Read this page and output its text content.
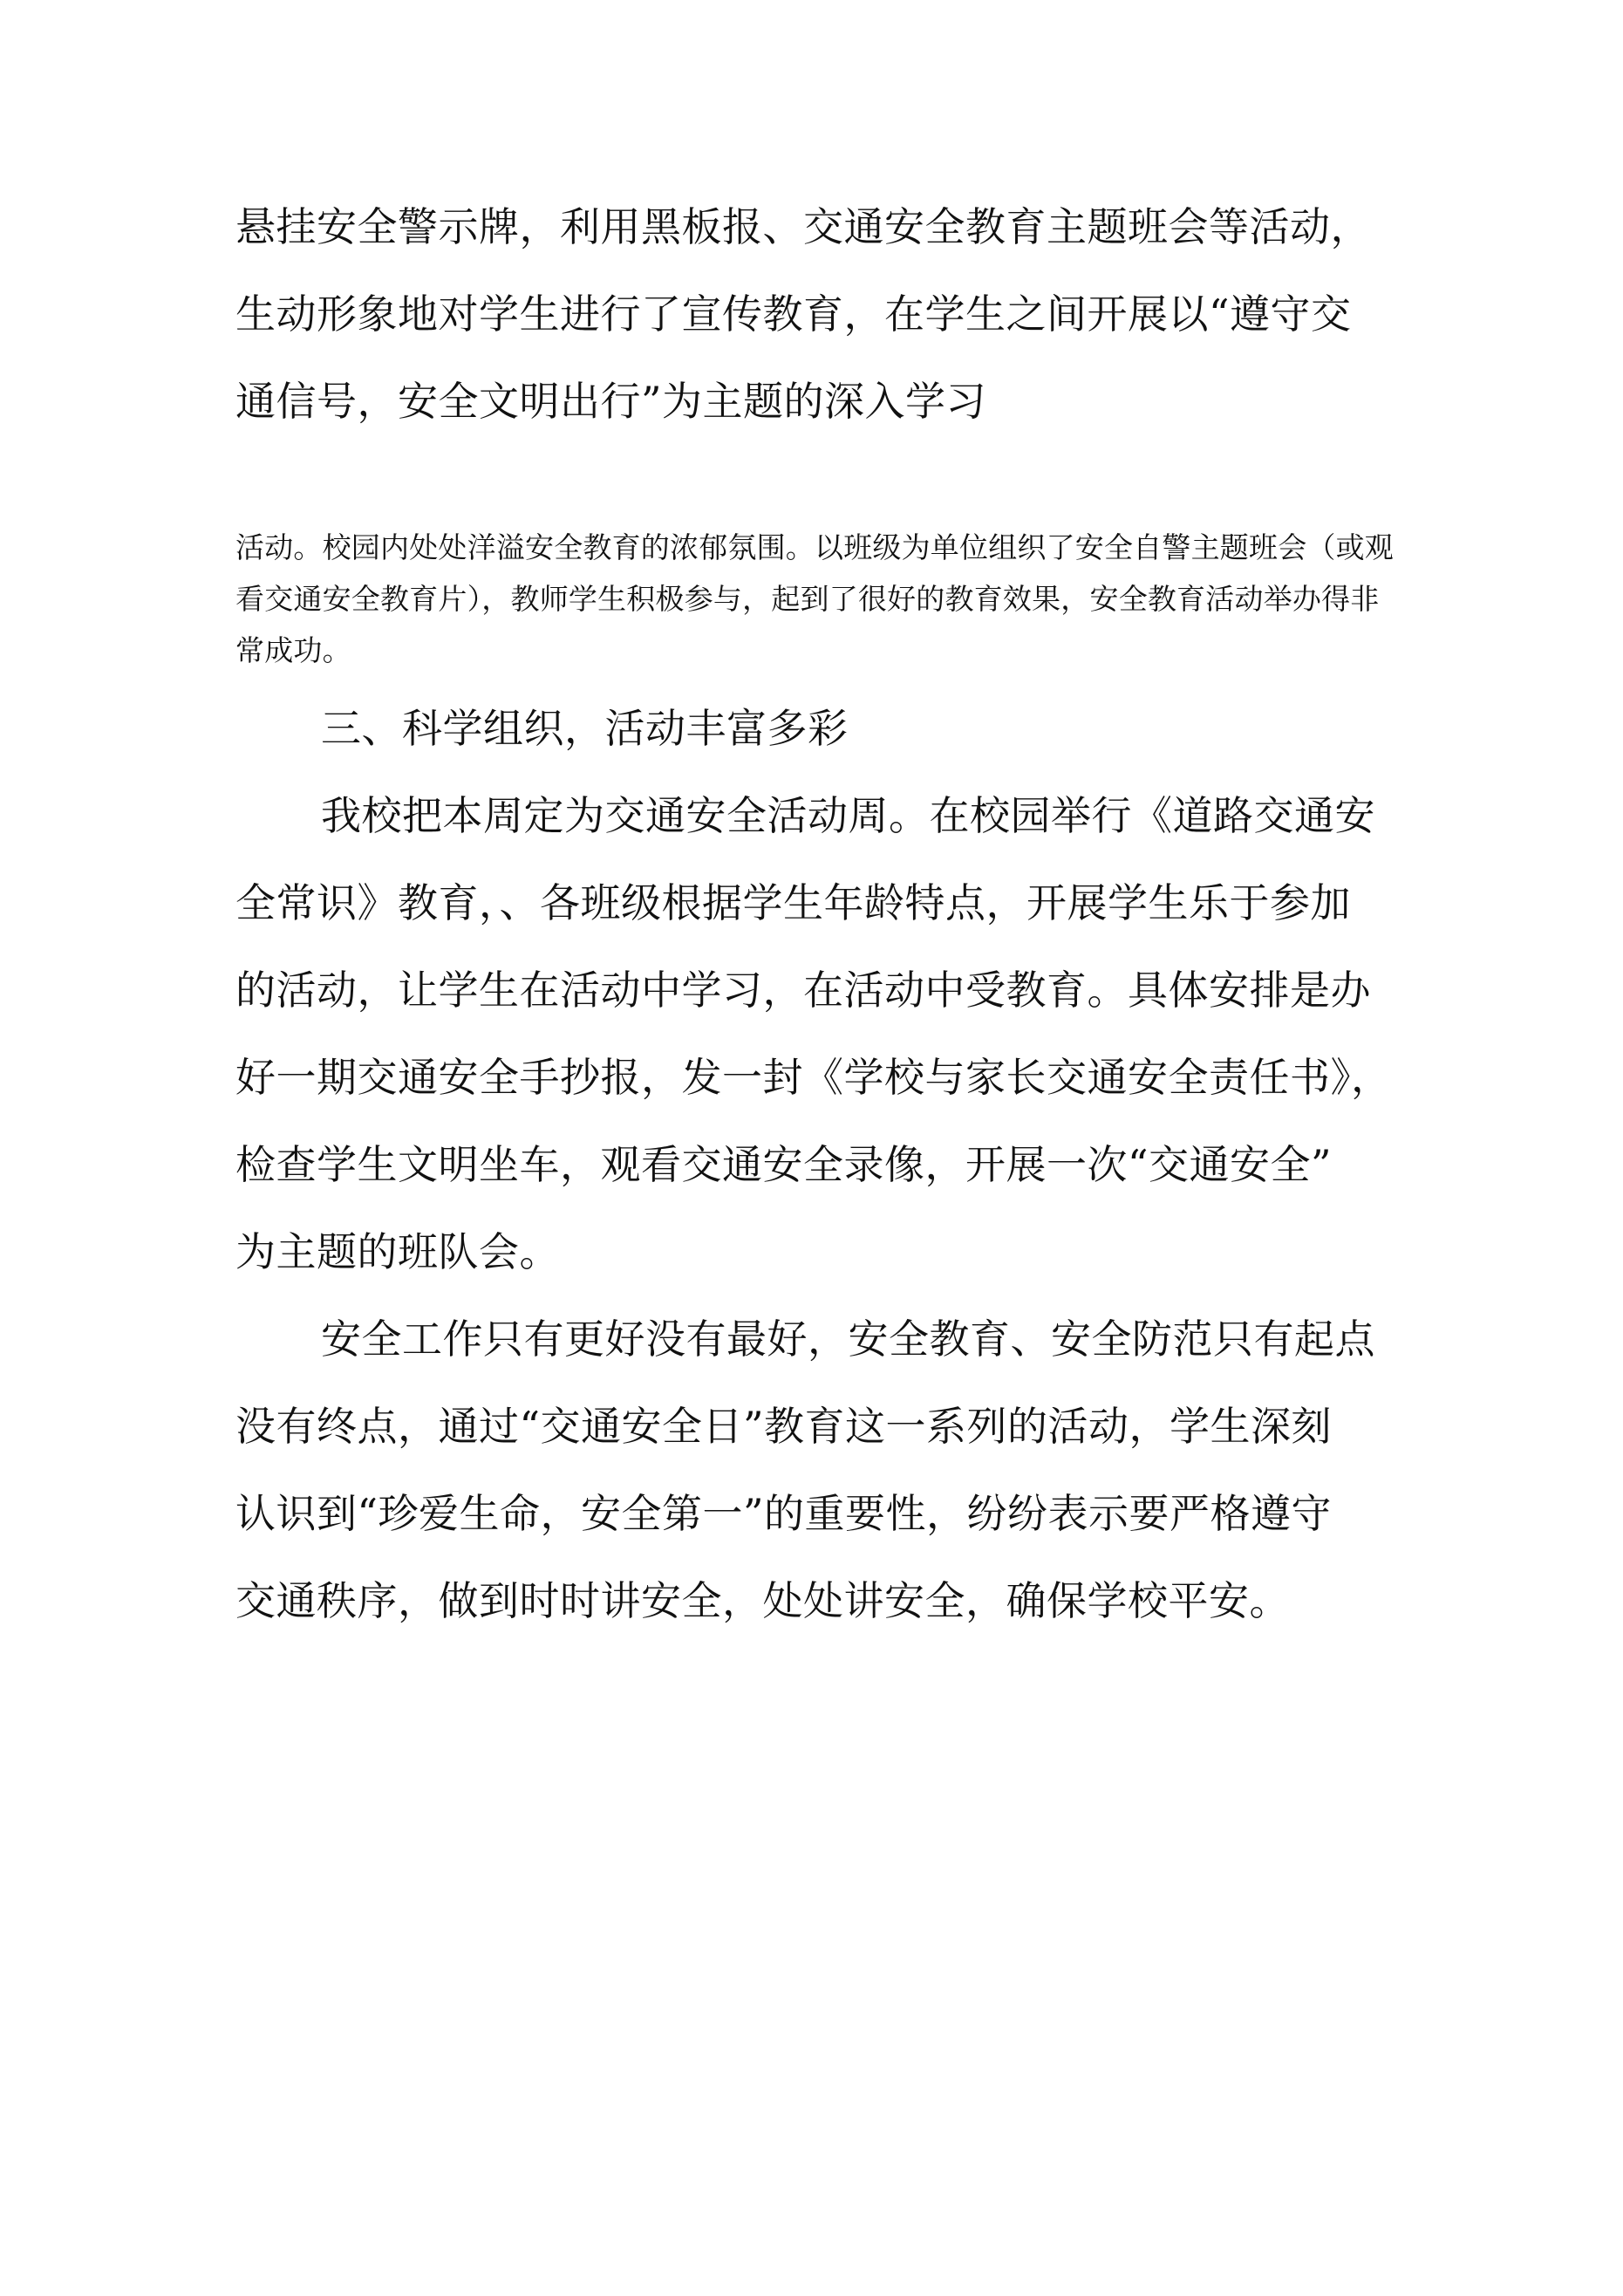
悬挂安全警示牌，利用黑板报、交通安全教育主题班会等活动，
生动形象地对学生进行了宣传教育，在学生之间开展以“遵守交
通信号，安全文明出行”为主题的深入学习
活动。校园内处处洋溢安全教育的浓郁氛围。以班级为单位组织了安全自警主题班会（或观
看交通安全教育片），教师学生积极参与，起到了很好的教育效果，安全教育活动举办得非
常成功。
三、科学组织，活动丰富多彩
我校把本周定为交通安全活动周。在校园举行《道路交通安
全常识》教育，、各班级根据学生年龄特点，开展学生乐于参加
的活动，让学生在活动中学习，在活动中受教育。具体安排是办
好一期交通安全手抄报，发一封《学校与家长交通安全责任书》，
检查学生文明坐车，观看交通安全录像，开展一次“交通安全”
为主题的班队会。
安全工作只有更好没有最好，安全教育、安全防范只有起点
没有终点，通过“交通安全日”教育这一系列的活动，学生深刻
认识到“珍爱生命，安全第一”的重要性，纷纷表示要严格遵守
交通秩序，做到时时讲安全，处处讲安全，确保学校平安。
